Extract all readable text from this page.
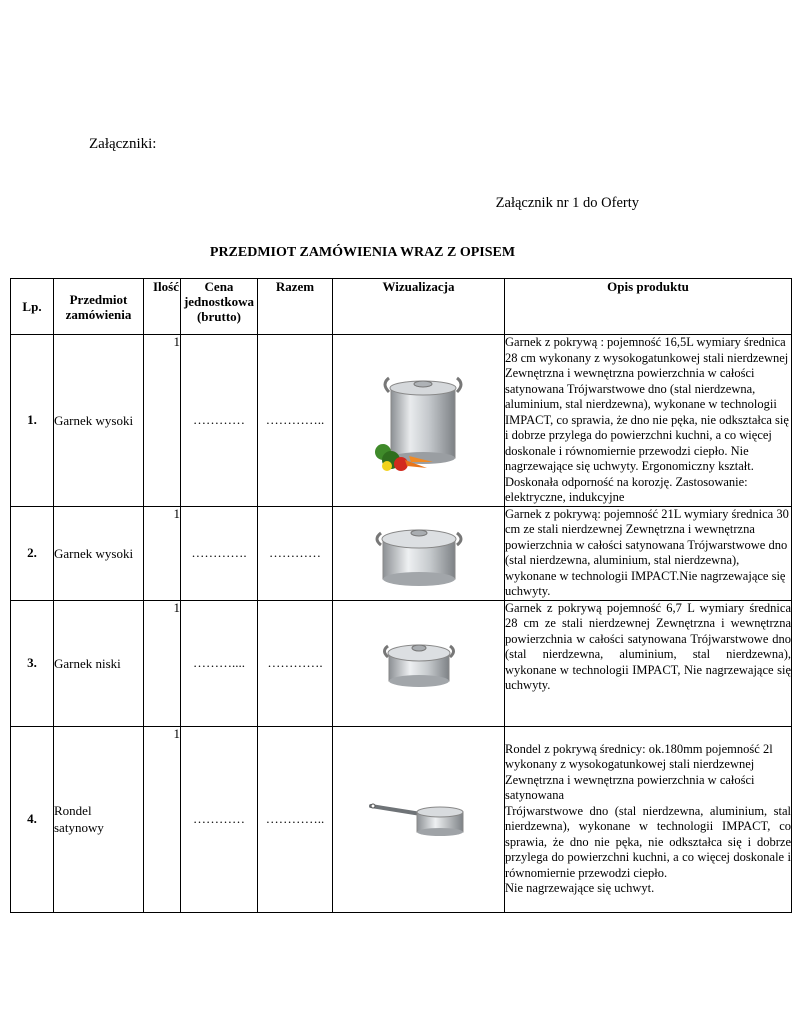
Załączniki:
Załącznik nr 1 do Oferty
PRZEDMIOT ZAMÓWIENIA WRAZ Z OPISEM
Lp.	Przedmiot zamówienia	Ilość	Cena jednostkowa (brutto)	Razem	Wizualizacja	Opis produktu
1.	Garnek wysoki	1	…………	…………..		Garnek z pokrywą : pojemność 16,5L wymiary średnica 28 cm wykonany z wysokogatunkowej stali nierdzewnej Zewnętrzna i wewnętrzna powierzchnia w całości satynowana Trójwarstwowe dno (stal nierdzewna, aluminium, stal nierdzewna), wykonane w technologii IMPACT, co sprawia, że dno nie pęka, nie odkształca się i dobrze przylega do powierzchni kuchni, a co więcej doskonale i równomiernie przewodzi ciepło. Nie nagrzewające się uchwyty. Ergonomiczny kształt. Doskonała odporność na korozję. Zastosowanie: elektryczne, indukcyjne
2.	Garnek wysoki	1	………….	…………		Garnek z pokrywą: pojemność 21L wymiary średnica 30 cm ze stali nierdzewnej Zewnętrzna i wewnętrzna powierzchnia w całości satynowana Trójwarstwowe dno (stal nierdzewna, aluminium, stal nierdzewna), wykonane w technologii IMPACT.Nie nagrzewające się uchwyty.
3.	Garnek niski	1	………....	………….		Garnek z pokrywą pojemność 6,7 L wymiary średnica 28 cm ze stali nierdzewnej Zewnętrzna i wewnętrzna powierzchnia w całości satynowana Trójwarstwowe dno (stal nierdzewna, aluminium, stal nierdzewna), wykonane w technologii IMPACT, Nie nagrzewające się uchwyty.
4.	Rondel satynowy	1	…………	…………..		Rondel z pokrywą średnicy: ok.180mm pojemność 2l wykonany z wysokogatunkowej stali nierdzewnej Zewnętrzna i wewnętrzna powierzchnia w całości satynowana
Trójwarstwowe dno (stal nierdzewna, aluminium, stal nierdzewna), wykonane w technologii IMPACT, co sprawia, że dno nie pęka, nie odkształca się i dobrze przylega do powierzchni kuchni, a co więcej doskonale i równomiernie przewodzi ciepło.
Nie nagrzewające się uchwyt.
